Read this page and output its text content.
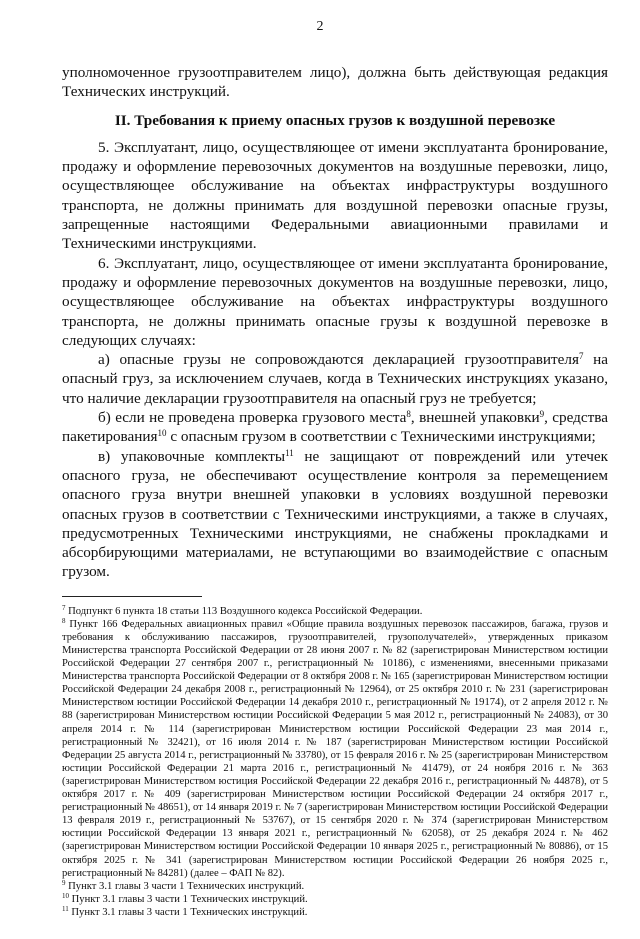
2

уполномоченное грузоотправителем лицо), должна быть действующая редакция Технических инструкций.

II. Требования к приему опасных грузов к воздушной перевозке

5. Эксплуатант, лицо, осуществляющее от имени эксплуатанта бронирование, продажу и оформление перевозочных документов на воздушные перевозки, лицо, осуществляющее обслуживание на объектах инфраструктуры воздушного транспорта, не должны принимать для воздушной перевозки опасные грузы, запрещенные настоящими Федеральными авиационными правилами и Техническими инструкциями.

6. Эксплуатант, лицо, осуществляющее от имени эксплуатанта бронирование, продажу и оформление перевозочных документов на воздушные перевозки, лицо, осуществляющее обслуживание на объектах инфраструктуры воздушного транспорта, не должны принимать опасные грузы к воздушной перевозке в следующих случаях:

а) опасные грузы не сопровождаются декларацией грузоотправителя$^7$ на опасный груз, за исключением случаев, когда в Технических инструкциях указано, что наличие декларации грузоотправителя на опасный груз не требуется;

б) если не проведена проверка грузового места$^8$, внешней упаковки$^9$, средства пакетирования$^{10}$ с опасным грузом в соответствии с Техническими инструкциями;

в) упаковочные комплекты$^{11}$ не защищают от повреждений или утечек опасного груза, не обеспечивают осуществление контроля за перемещением опасного груза внутри внешней упаковки в условиях воздушной перевозки опасных грузов в соответствии с Техническими инструкциями, а также в случаях, предусмотренных Техническими инструкциями, не снабжены прокладками и абсорбирующими материалами, не вступающими во взаимодействие с опасным грузом.

$^7$ Подпункт 6 пункта 18 статьи 113 Воздушного кодекса Российской Федерации.

$^8$ Пункт 166 Федеральных авиационных правил «Общие правила воздушных перевозок пассажиров, багажа, грузов и требования к обслуживанию пассажиров, грузоотправителей, грузополучателей», утвержденных приказом Министерства транспорта Российской Федерации от 28 июня 2007 г. № 82 (зарегистрирован Министерством юстиции Российской Федерации 27 сентября 2007 г., регистрационный № 10186), с изменениями, внесенными приказами Министерства транспорта Российской Федерации от 8 октября 2008 г. № 165 (зарегистрирован Министерством юстиции Российской Федерации 24 декабря 2008 г., регистрационный № 12964), от 25 октября 2010 г. № 231 (зарегистрирован Министерством юстиции Российской Федерации 14 декабря 2010 г., регистрационный № 19174), от 2 апреля 2012 г. № 88 (зарегистрирован Министерством юстиции Российской Федерации 5 мая 2012 г., регистрационный № 24083), от 30 апреля 2014 г. № 114 (зарегистрирован Министерством юстиции Российской Федерации 23 мая 2014 г., регистрационный № 32421), от 16 июля 2014 г. № 187 (зарегистрирован Министерством юстиции Российской Федерации 25 августа 2014 г., регистрационный № 33780), от 15 февраля 2016 г. № 25 (зарегистрирован Министерством юстиции Российской Федерации 21 марта 2016 г., регистрационный № 41479), от 24 ноября 2016 г. № 363 (зарегистрирован Министерством юстиция Российской Федерации 22 декабря 2016 г., регистрационный № 44878), от 5 октября 2017 г. № 409 (зарегистрирован Министерством юстиции Российской Федерации 24 октября 2017 г., регистрационный № 48651), от 14 января 2019 г. № 7 (зарегистрирован Министерством юстиции Российской Федерации 13 февраля 2019 г., регистрационный № 53767), от 15 сентября 2020 г. № 374 (зарегистрирован Министерством юстиции Российской Федерации 13 января 2021 г., регистрационный № 62058), от 25 декабря 2024 г. № 462 (зарегистрирован Министерством юстиции Российской Федерации 10 января 2025 г., регистрационный № 80886), от 15 октября 2025 г. № 341 (зарегистрирован Министерством юстиции Российской Федерации 26 ноября 2025 г., регистрационный № 84281) (далее – ФАП № 82).

$^9$ Пункт 3.1 главы 3 части 1 Технических инструкций.

$^{10}$ Пункт 3.1 главы 3 части 1 Технических инструкций.

$^{11}$ Пункт 3.1 главы 3 части 1 Технических инструкций.
